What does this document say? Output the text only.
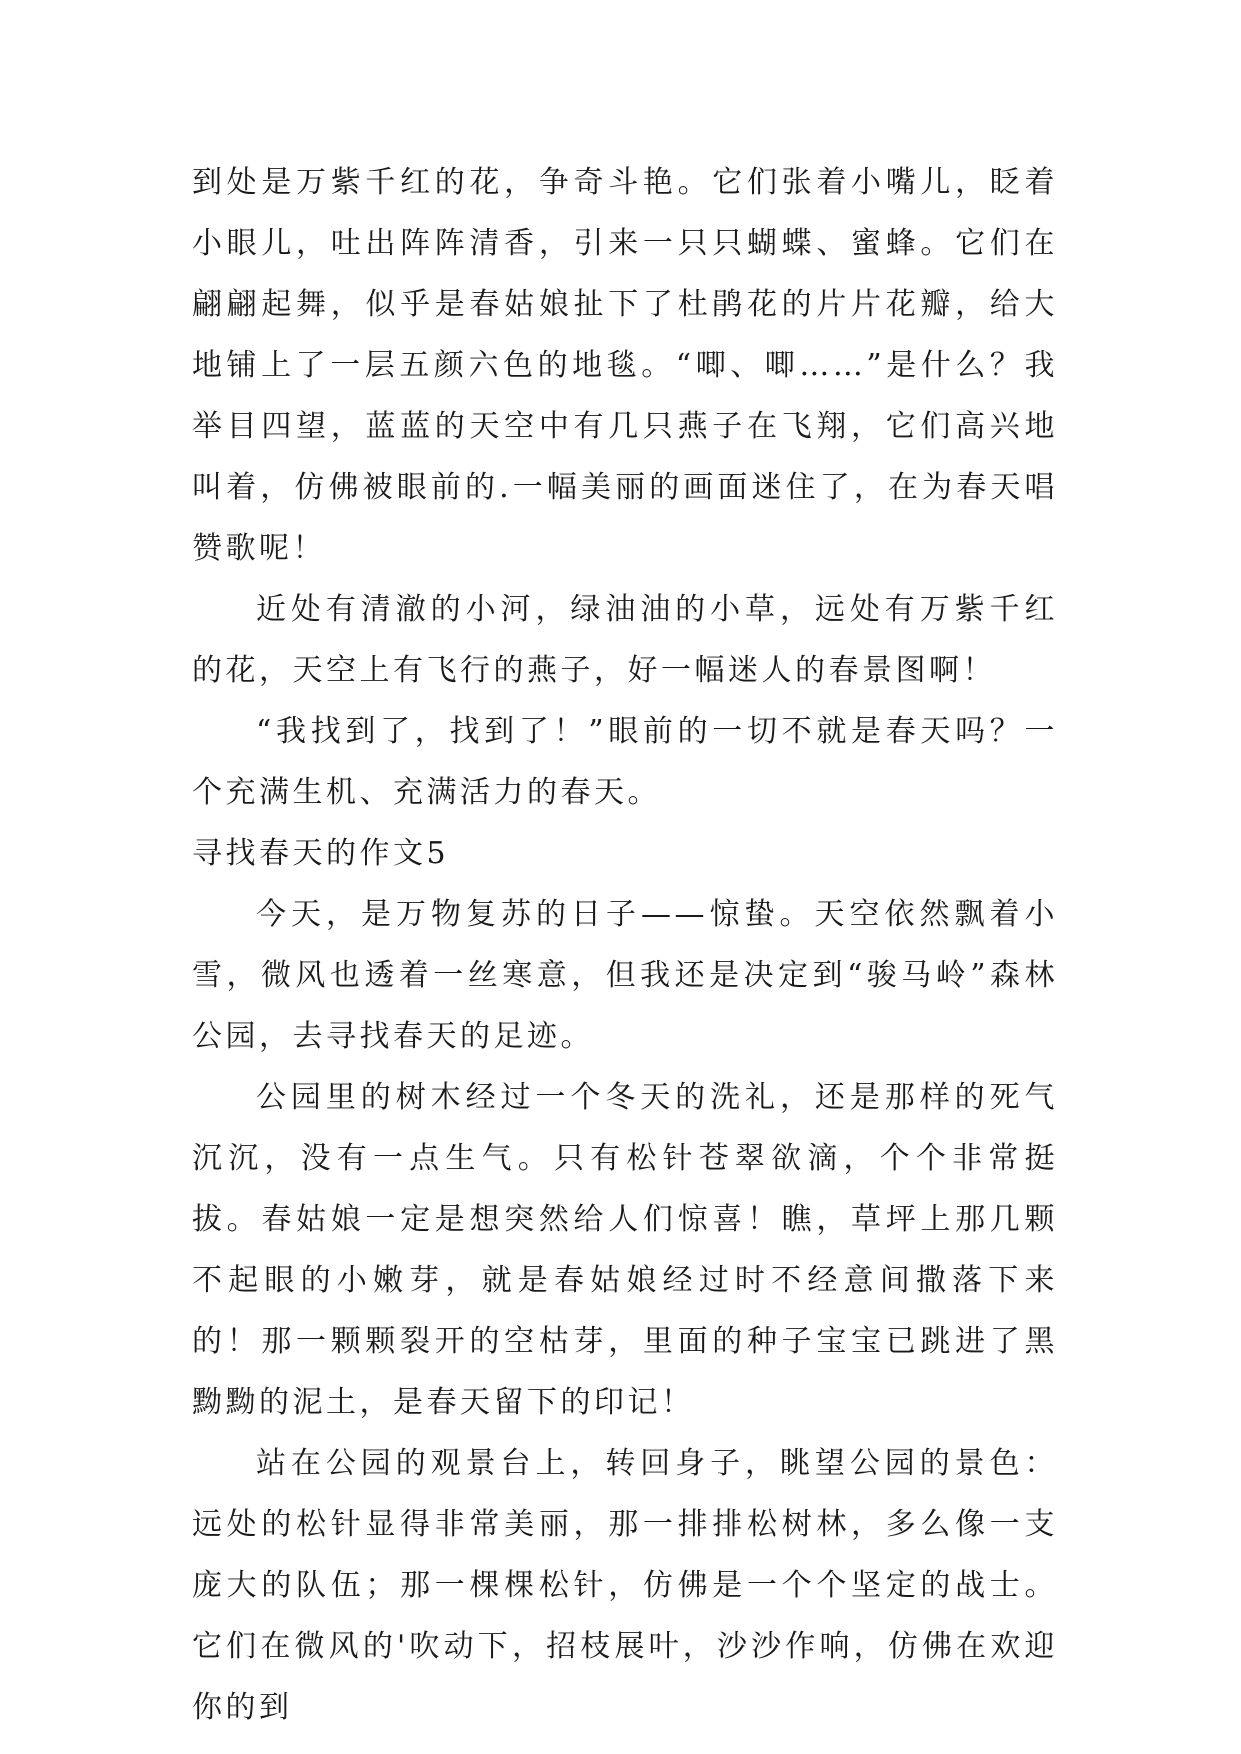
到处是万紫千红的花，争奇斗艳。它们张着小嘴儿，眨着小眼儿，吐出阵阵清香，引来一只只蝴蝶、蜜蜂。它们在翩翩起舞，似乎是春姑娘扯下了杜鹃花的片片花瓣，给大地铺上了一层五颜六色的地毯。“唧、唧……”是什么？我举目四望，蓝蓝的天空中有几只燕子在飞翔，它们高兴地叫着，仿佛被眼前的.一幅美丽的画面迷住了，在为春天唱赞歌呢！

近处有清澈的小河，绿油油的小草，远处有万紫千红的花，天空上有飞行的燕子，好一幅迷人的春景图啊！

“我找到了，找到了！”眼前的一切不就是春天吗？一个充满生机、充满活力的春天。

寻找春天的作文5

今天，是万物复苏的日子——惊蛰。天空依然飘着小雪，微风也透着一丝寒意，但我还是决定到“骏马岭”森林公园，去寻找春天的足迹。

公园里的树木经过一个冬天的洗礼，还是那样的死气沉沉，没有一点生气。只有松针苍翠欲滴，个个非常挺拔。春姑娘一定是想突然给人们惊喜！瞧，草坪上那几颗不起眼的小嫩芽，就是春姑娘经过时不经意间撒落下来的！那一颗颗裂开的空枯芽，里面的种子宝宝已跳进了黑黝黝的泥土，是春天留下的印记！

站在公园的观景台上，转回身子，眺望公园的景色：远处的松针显得非常美丽，那一排排松树林，多么像一支庞大的队伍；那一棵棵松针，仿佛是一个个坚定的战士。它们在微风的'吹动下，招枝展叶，沙沙作响，仿佛在欢迎你的到
